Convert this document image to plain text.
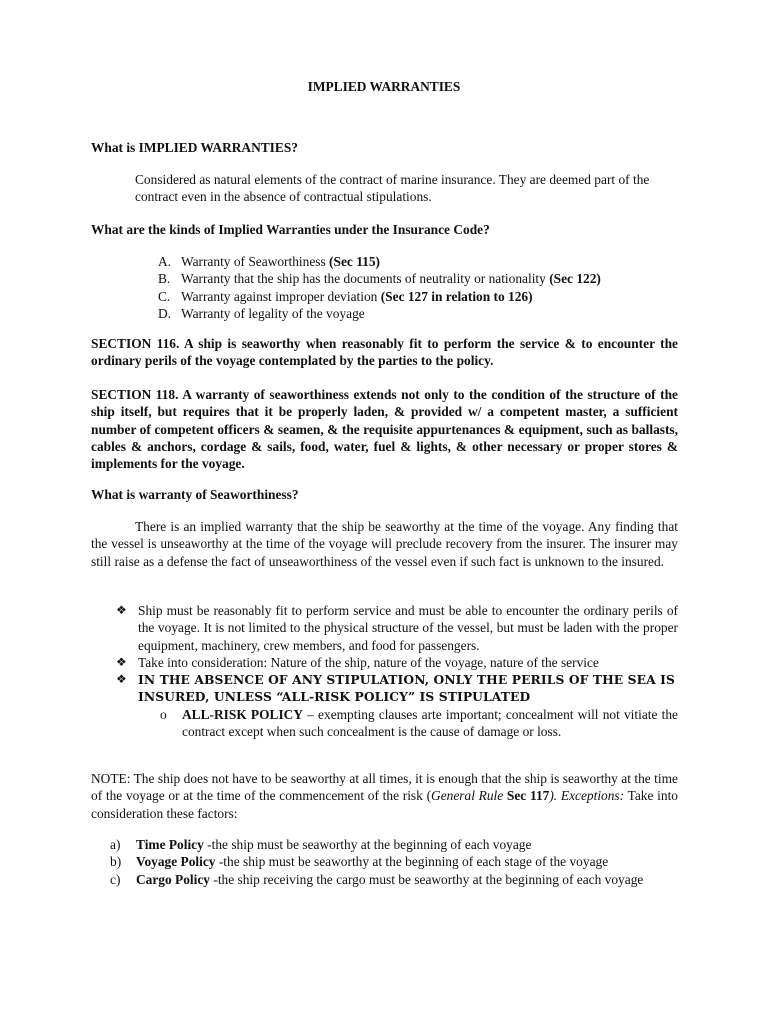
IMPLIED WARRANTIES
What is IMPLIED WARRANTIES?
Considered as natural elements of the contract of marine insurance. They are deemed part of the contract even in the absence of contractual stipulations.
What are the kinds of Implied Warranties under the Insurance Code?
A. Warranty of Seaworthiness (Sec 115)
B. Warranty that the ship has the documents of neutrality or nationality (Sec 122)
C. Warranty against improper deviation (Sec 127 in relation to 126)
D. Warranty of legality of the voyage
SECTION 116. A ship is seaworthy when reasonably fit to perform the service & to encounter the ordinary perils of the voyage contemplated by the parties to the policy.
SECTION 118. A warranty of seaworthiness extends not only to the condition of the structure of the ship itself, but requires that it be properly laden, & provided w/ a competent master, a sufficient number of competent officers & seamen, & the requisite appurtenances & equipment, such as ballasts, cables & anchors, cordage & sails, food, water, fuel & lights, & other necessary or proper stores & implements for the voyage.
What is warranty of Seaworthiness?
There is an implied warranty that the ship be seaworthy at the time of the voyage. Any finding that the vessel is unseaworthy at the time of the voyage will preclude recovery from the insurer. The insurer may still raise as a defense the fact of unseaworthiness of the vessel even if such fact is unknown to the insured.
❖ Ship must be reasonably fit to perform service and must be able to encounter the ordinary perils of the voyage. It is not limited to the physical structure of the vessel, but must be laden with the proper equipment, machinery, crew members, and food for passengers.
❖ Take into consideration: Nature of the ship, nature of the voyage, nature of the service
❖ IN THE ABSENCE OF ANY STIPULATION, ONLY THE PERILS OF THE SEA IS INSURED, UNLESS “ALL-RISK POLICY” IS STIPULATED
o	ALL-RISK POLICY – exempting clauses arte important; concealment will not vitiate the contract except when such concealment is the cause of damage or loss.
NOTE: The ship does not have to be seaworthy at all times, it is enough that the ship is seaworthy at the time of the voyage or at the time of the commencement of the risk (General Rule Sec 117). Exceptions: Take into consideration these factors:
a)	Time Policy -the ship must be seaworthy at the beginning of each voyage
b)	Voyage Policy -the ship must be seaworthy at the beginning of each stage of the voyage
c)	Cargo Policy -the ship receiving the cargo must be seaworthy at the beginning of each voyage
